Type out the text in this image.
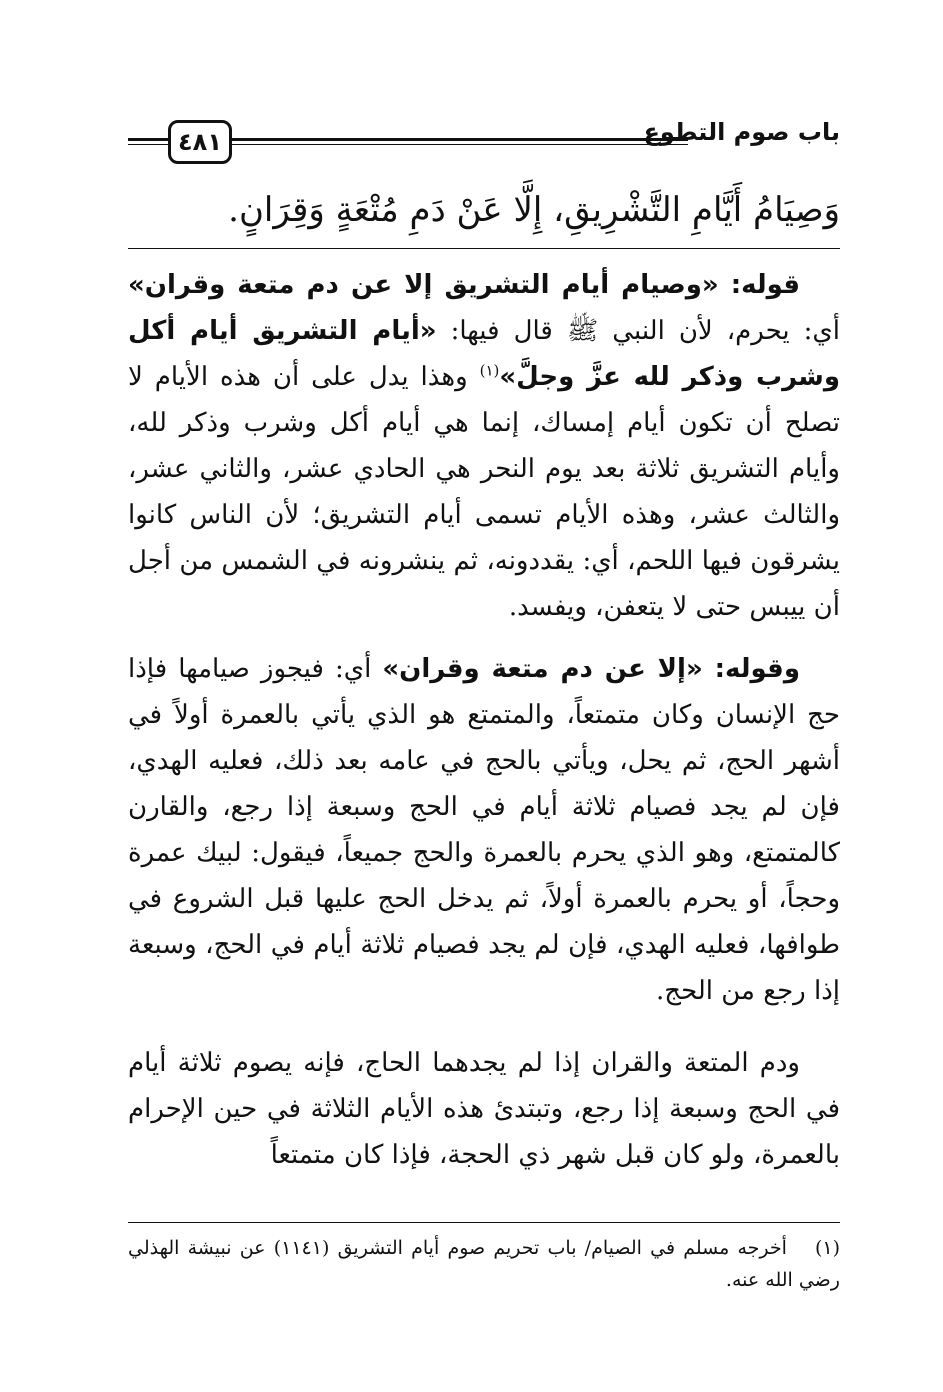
٤٨١	باب صوم التطوع
وَصِيَامُ أَيَّامِ التَّشْرِيقِ، إِلَّا عَنْ دَمِ مُتْعَةٍ وَقِرَانٍ.

قوله: «وصيام أيام التشريق إلا عن دم متعة وقران» أي: يحرم، لأن النبي ﷺ قال فيها: «أيام التشريق أيام أكل وشرب وذكر لله عزَّ وجلَّ»$^{(١)}$ وهذا يدل على أن هذه الأيام لا تصلح أن تكون أيام إمساك، إنما هي أيام أكل وشرب وذكر لله، وأيام التشريق ثلاثة بعد يوم النحر هي الحادي عشر، والثاني عشر، والثالث عشر، وهذه الأيام تسمى أيام التشريق؛ لأن الناس كانوا يشرقون فيها اللحم، أي: يقددونه، ثم ينشرونه في الشمس من أجل أن ييبس حتى لا يتعفن، ويفسد.

وقوله: «إلا عن دم متعة وقران» أي: فيجوز صيامها فإذا حج الإنسان وكان متمتعاً، والمتمتع هو الذي يأتي بالعمرة أولاً في أشهر الحج، ثم يحل، ويأتي بالحج في عامه بعد ذلك، فعليه الهدي، فإن لم يجد فصيام ثلاثة أيام في الحج وسبعة إذا رجع، والقارن كالمتمتع، وهو الذي يحرم بالعمرة والحج جميعاً، فيقول: لبيك عمرة وحجاً، أو يحرم بالعمرة أولاً، ثم يدخل الحج عليها قبل الشروع في طوافها، فعليه الهدي، فإن لم يجد فصيام ثلاثة أيام في الحج، وسبعة إذا رجع من الحج.

ودم المتعة والقران إذا لم يجدهما الحاج، فإنه يصوم ثلاثة أيام في الحج وسبعة إذا رجع، وتبتدئ هذه الأيام الثلاثة في حين الإحرام بالعمرة، ولو كان قبل شهر ذي الحجة، فإذا كان متمتعاً

(١)أخرجه مسلم في الصيام/ باب تحريم صوم أيام التشريق (١١٤١) عن نبيشة الهذلي رضي الله عنه.
